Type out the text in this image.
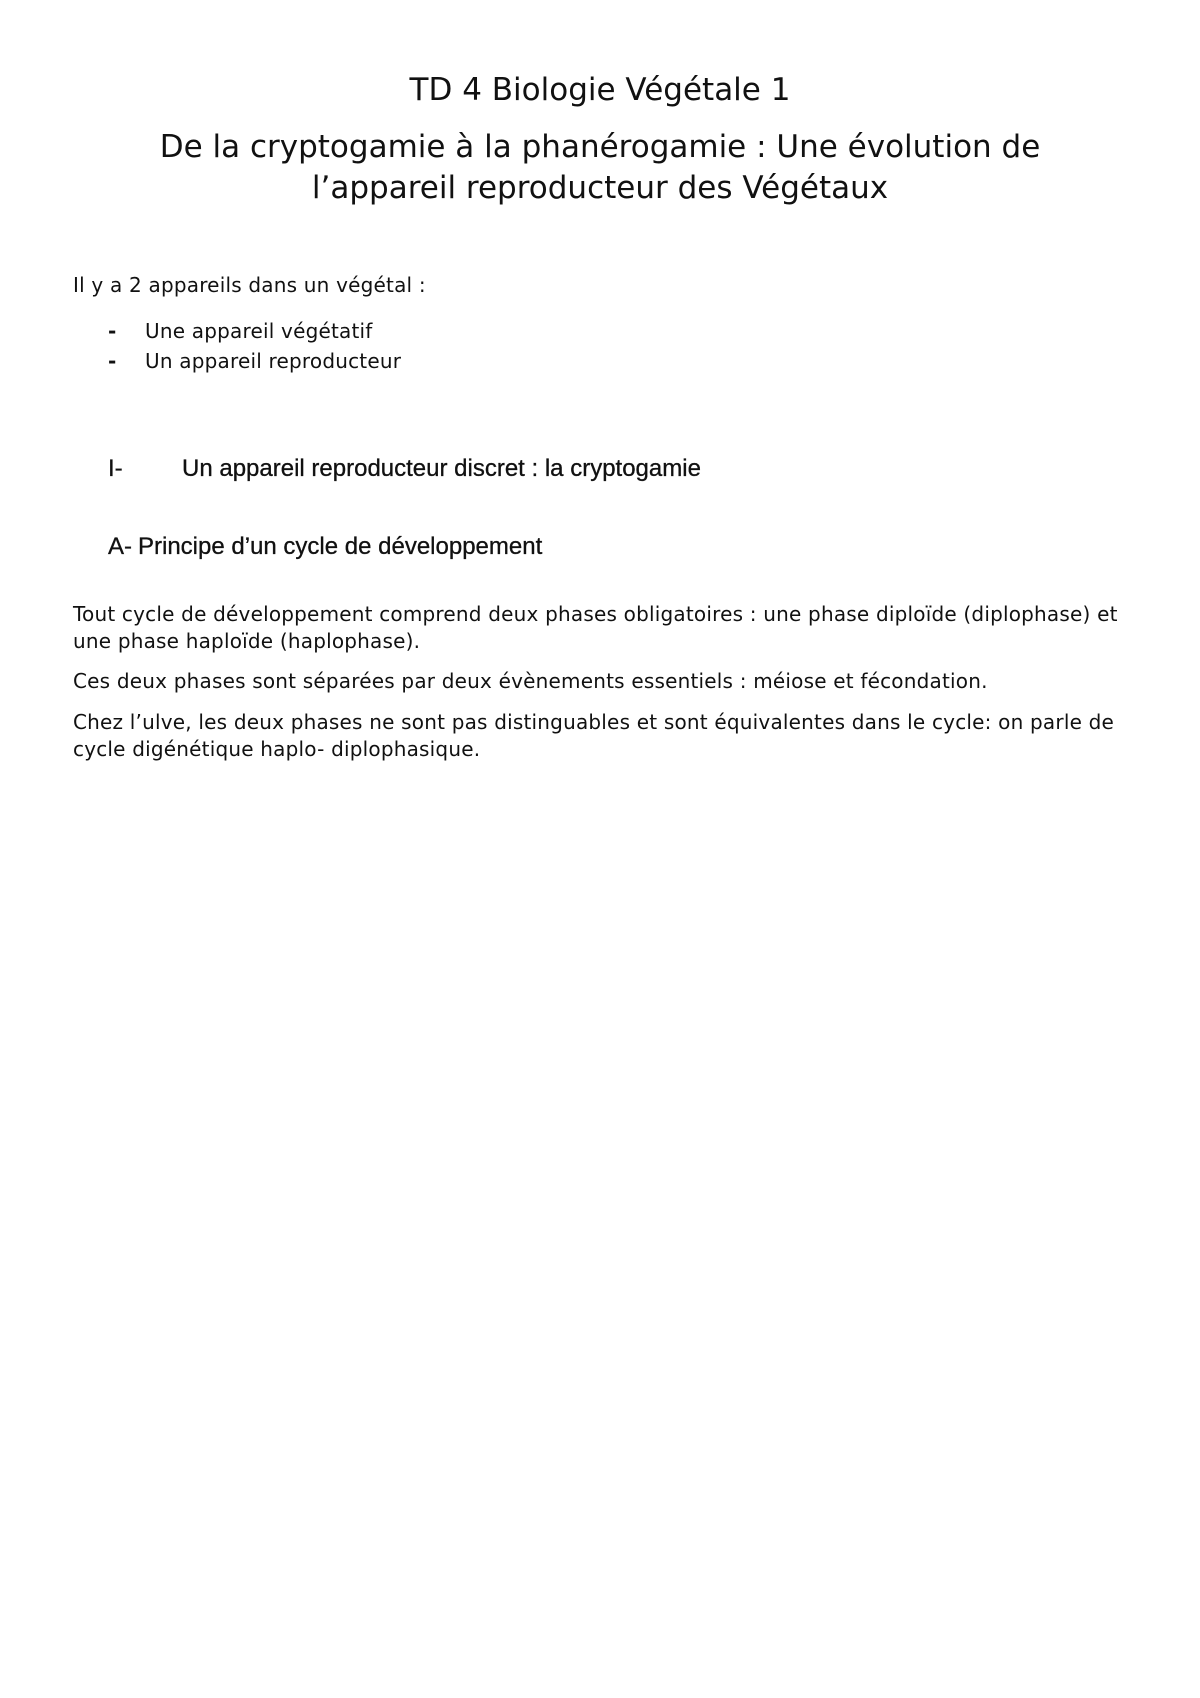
TD 4 Biologie Végétale 1
De la cryptogamie à la phanérogamie : Une évolution de
l’appareil reproducteur des Végétaux

Il y a 2 appareils dans un végétal :

- Une appareil végétatif
- Un appareil reproducteur
I- Un appareil reproducteur discret : la cryptogamie
A- Principe d’un cycle de développement

Tout cycle de développement comprend deux phases obligatoires : une phase diploïde (diplophase) et une phase haploïde (haplophase).

Ces deux phases sont séparées par deux évènements essentiels : méiose et fécondation.

Chez l’ulve, les deux phases ne sont pas distinguables et sont équivalentes dans le cycle: on parle de cycle digénétique haplo- diplophasique.
